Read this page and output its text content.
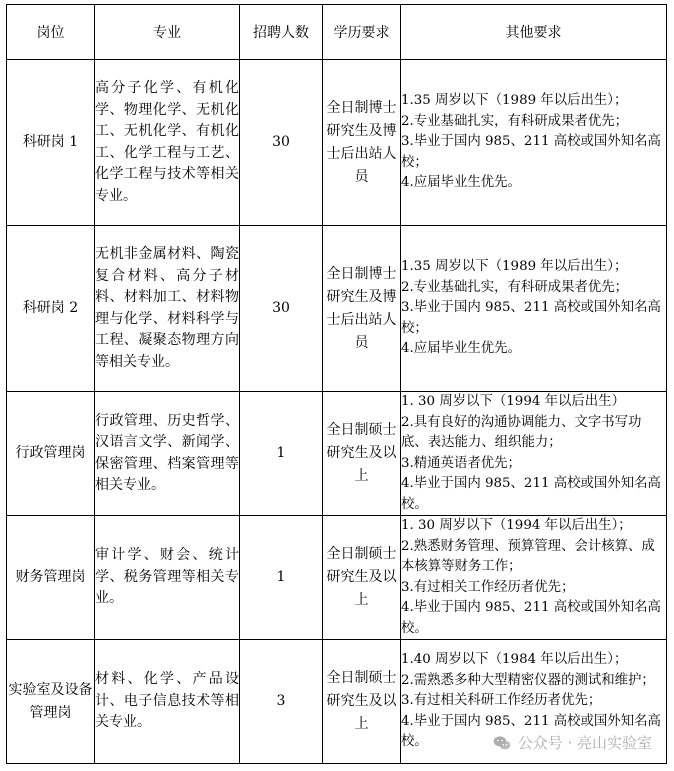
岗位	专业	招聘人数	学历要求	其他要求
科研岗 1	高分子化学、有机化学、物理化学、无机化工、无机化学、有机化工、化学工程与工艺、化学工程与技术等相关专业。	30	全日制博士研究生及博士后出站人员	1.35 周岁以下（1989 年以后出生）；
2.专业基础扎实，有科研成果者优先；
3.毕业于国内 985、211 高校或国外知名高校；
4.应届毕业生优先。

科研岗 2	无机非金属材料、陶瓷复合材料、高分子材料、材料加工、材料物理与化学、材料科学与工程、凝聚态物理方向等相关专业。	30	全日制博士研究生及博士后出站人员	1.35 周岁以下（1989 年以后出生）；
2.专业基础扎实，有科研成果者优先；
3.毕业于国内 985、211 高校或国外知名高校；
4.应届毕业生优先。

行政管理岗	行政管理、历史哲学、汉语言文学、新闻学、保密管理、档案管理等相关专业。	1	全日制硕士研究生及以上	1. 30 周岁以下（1994 年以后出生）
2.具有良好的沟通协调能力、文字书写功底、表达能力、组织能力；
3.精通英语者优先；
4.毕业于国内 985、211 高校或国外知名高校。

财务管理岗	审计学、财会、统计学、税务管理等相关专业。	1	全日制硕士研究生及以上	1. 30 周岁以下（1994 年以后出生）；
2.熟悉财务管理、预算管理、会计核算、成本核算等财务工作；
3.有过相关工作经历者优先；
4.毕业于国内 985、211 高校或国外知名高校。

实验室及设备管理岗	材料、化学、产品设计、电子信息技术等相关专业。	3	全日制硕士研究生及以上	1.40 周岁以下（1984 年以后出生）；
2.需熟悉多种大型精密仪器的测试和维护；
3.有过相关科研工作经历者优先；
4.毕业于国内 985、211 高校或国外知名高校。	公众号 · 亮山实验室
